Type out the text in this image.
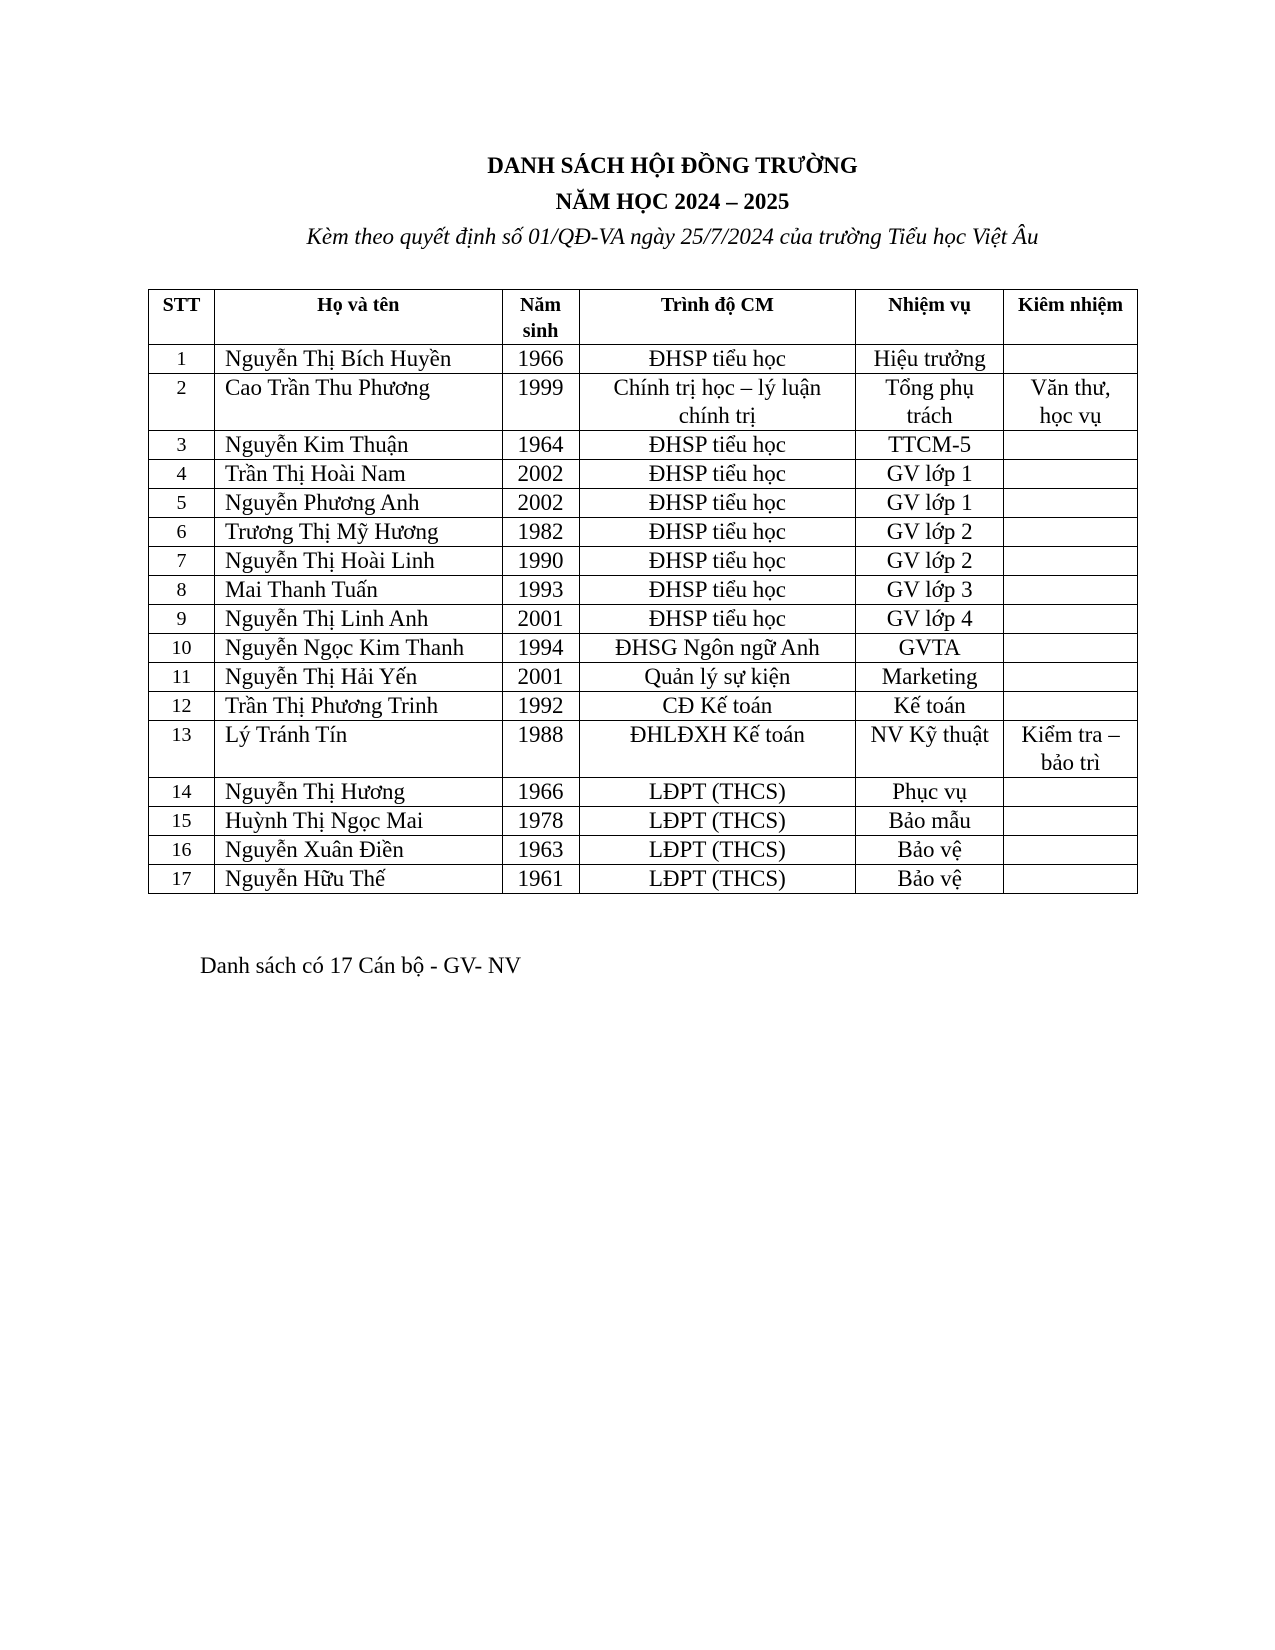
DANH SÁCH HỘI ĐỒNG TRƯỜNG
NĂM HỌC 2024 – 2025
Kèm theo quyết định số 01/QĐ-VA ngày 25/7/2024 của trường Tiểu học Việt Âu
STT	Họ và tên	Năm sinh	Trình độ CM	Nhiệm vụ	Kiêm nhiệm
1	Nguyễn Thị Bích Huyền	1966	ĐHSP tiểu học	Hiệu trưởng	
2	Cao Trần Thu Phương	1999	Chính trị học – lý luận chính trị	Tổng phụ trách	Văn thư, học vụ
3	Nguyễn Kim Thuận	1964	ĐHSP tiểu học	TTCM-5	
4	Trần Thị Hoài Nam	2002	ĐHSP tiểu học	GV lớp 1	
5	Nguyễn Phương Anh	2002	ĐHSP tiểu học	GV lớp 1	
6	Trương Thị Mỹ Hương	1982	ĐHSP tiểu học	GV lớp 2	
7	Nguyễn Thị Hoài Linh	1990	ĐHSP tiểu học	GV lớp 2	
8	Mai Thanh Tuấn	1993	ĐHSP tiểu học	GV lớp 3	
9	Nguyễn Thị Linh Anh	2001	ĐHSP tiểu học	GV lớp 4	
10	Nguyễn Ngọc Kim Thanh	1994	ĐHSG Ngôn ngữ Anh	GVTA	
11	Nguyễn Thị Hải Yến	2001	Quản lý sự kiện	Marketing	
12	Trần Thị Phương Trinh	1992	CĐ Kế toán	Kế toán	
13	Lý Tránh Tín	1988	ĐHLĐXH Kế toán	NV Kỹ thuật	Kiểm tra – bảo trì
14	Nguyễn Thị Hương	1966	LĐPT (THCS)	Phục vụ	
15	Huỳnh Thị Ngọc Mai	1978	LĐPT (THCS)	Bảo mẫu	
16	Nguyễn Xuân Điền	1963	LĐPT (THCS)	Bảo vệ	
17	Nguyễn Hữu Thế	1961	LĐPT (THCS)	Bảo vệ	
Danh sách có 17 Cán bộ - GV- NV
